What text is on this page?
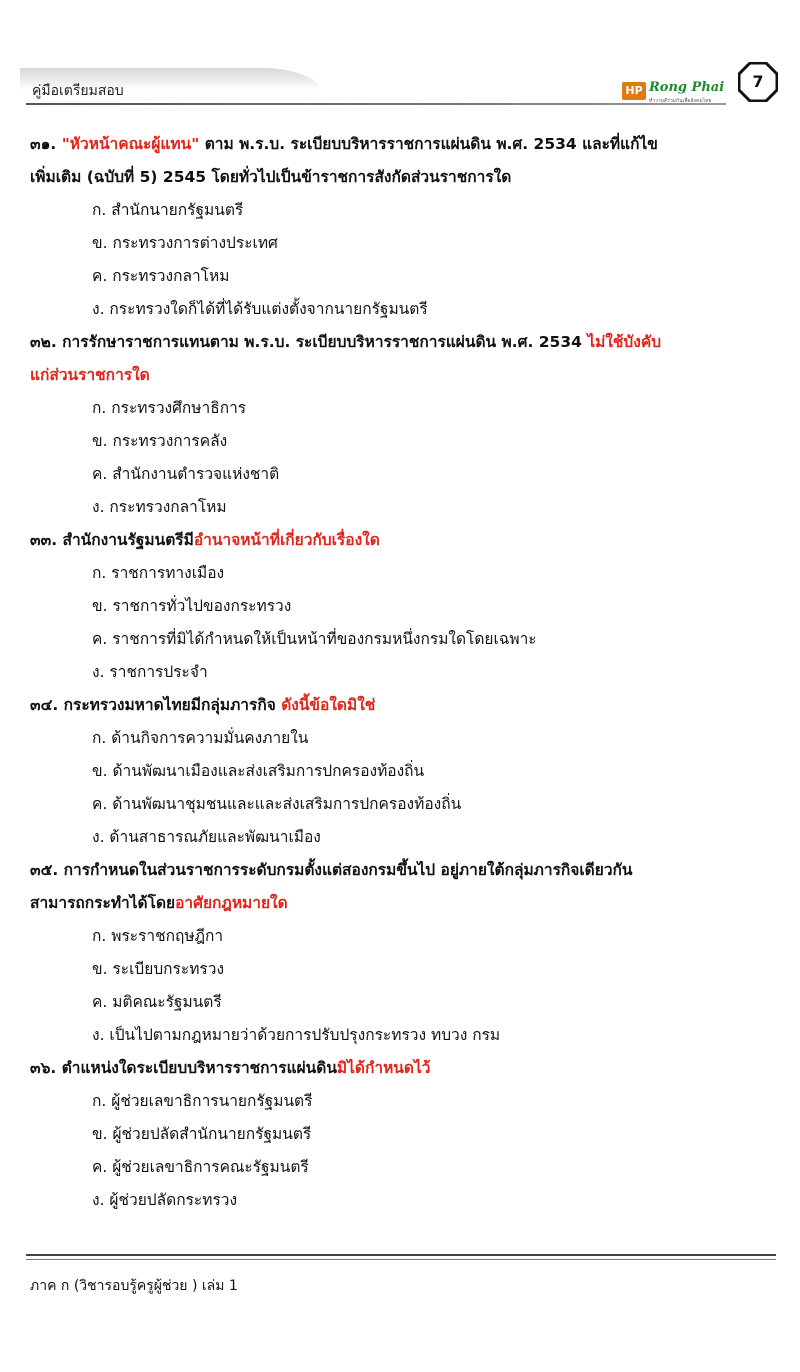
คู่มือเตรียมสอบ	HP Rong Phai
ทำวามดีร่วมกันเพื่อสังคมไทย
7
๓๑. "หัวหน้าคณะผู้แทน" ตาม พ.ร.บ. ระเบียบบริหารราชการแผ่นดิน พ.ศ. 2534 และที่แก้ไข
เพิ่มเติม (ฉบับที่ 5) 2545 โดยทั่วไปเป็นข้าราชการสังกัดส่วนราชการใด
ก. สำนักนายกรัฐมนตรี
ข. กระทรวงการต่างประเทศ
ค. กระทรวงกลาโหม
ง. กระทรวงใดก็ได้ที่ได้รับแต่งตั้งจากนายกรัฐมนตรี
๓๒. การรักษาราชการแทนตาม พ.ร.บ. ระเบียบบริหารราชการแผ่นดิน พ.ศ. 2534 ไม่ใช้บังคับ
แก่ส่วนราชการใด
ก. กระทรวงศึกษาธิการ
ข. กระทรวงการคลัง
ค. สำนักงานตำรวจแห่งชาติ
ง. กระทรวงกลาโหม
๓๓. สำนักงานรัฐมนตรีมีอำนาจหน้าที่เกี่ยวกับเรื่องใด
ก. ราชการทางเมือง
ข. ราชการทั่วไปของกระทรวง
ค. ราชการที่มิได้กำหนดให้เป็นหน้าที่ของกรมหนึ่งกรมใดโดยเฉพาะ
ง. ราชการประจำ
๓๔. กระทรวงมหาดไทยมีกลุ่มภารกิจ ดังนี้ข้อใดมิใช่
ก. ด้านกิจการความมั่นคงภายใน
ข. ด้านพัฒนาเมืองและส่งเสริมการปกครองท้องถิ่น
ค. ด้านพัฒนาชุมชนและและส่งเสริมการปกครองท้องถิ่น
ง. ด้านสาธารณภัยและพัฒนาเมือง
๓๕. การกำหนดในส่วนราชการระดับกรมตั้งแต่สองกรมขึ้นไป อยู่ภายใต้กลุ่มภารกิจเดียวกัน
สามารถกระทำได้โดยอาศัยกฎหมายใด
ก. พระราชกฤษฎีกา
ข. ระเบียบกระทรวง
ค. มติคณะรัฐมนตรี
ง. เป็นไปตามกฎหมายว่าด้วยการปรับปรุงกระทรวง ทบวง กรม
๓๖. ตำแหน่งใดระเบียบบริหารราชการแผ่นดินมิได้กำหนดไว้
ก. ผู้ช่วยเลขาธิการนายกรัฐมนตรี
ข. ผู้ช่วยปลัดสำนักนายกรัฐมนตรี
ค. ผู้ช่วยเลขาธิการคณะรัฐมนตรี
ง. ผู้ช่วยปลัดกระทรวง
ภาค ก (วิชารอบรู้ครูผู้ช่วย ) เล่ม 1
